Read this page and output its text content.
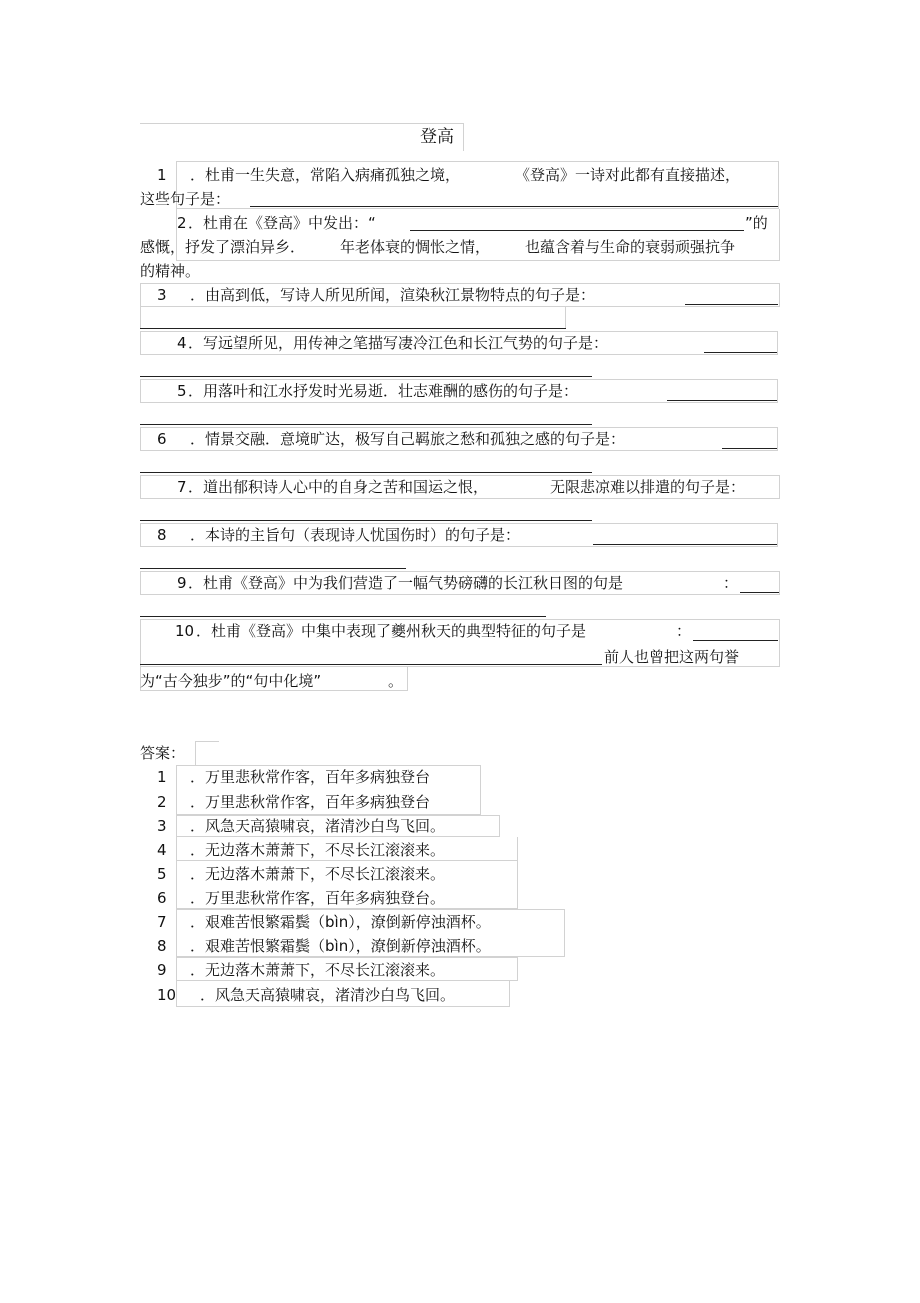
登高
1 ．杜甫一生失意，常陷入病痛孤独之境，	《登高》一诗对此都有直接描述，
这些句子是：
2 ．杜甫在《登高》中发出：“	”的
感慨，抒发了漂泊异乡． 年老体衰的惆怅之情， 也蕴含着与生命的衰弱顽强抗争
的精神。
3 ．由高到低，写诗人所见所闻，渲染秋江景物特点的句子是：
4 ．写远望所见，用传神之笔描写凄冷江色和长江气势的句子是：
5 ．用落叶和江水抒发时光易逝．壮志难酬的感伤的句子是：
6 ．情景交融．意境旷达，极写自己羁旅之愁和孤独之感的句子是：
7 ．道出郁积诗人心中的自身之苦和国运之恨，	无限悲凉难以排遣的句子是：
8 ．本诗的主旨句（表现诗人忧国伤时）的句子是：
9 ．杜甫《登高》中为我们营造了一幅气势磅礴的长江秋日图的句是	：
10 ．杜甫《登高》中集中表现了夔州秋天的典型特征的句子是	：
前人也曾把这两句誉
为“古今独步”的“句中化境”	。
答案：
1 ．万里悲秋常作客，百年多病独登台
2 ．万里悲秋常作客，百年多病独登台
3 ．风急天高猿啸哀，渚清沙白鸟飞回。
4 ．无边落木萧萧下，不尽长江滚滚来。
5 ．无边落木萧萧下，不尽长江滚滚来。
6 ．万里悲秋常作客，百年多病独登台。
7 ．艰难苦恨繁霜鬓（bìn），潦倒新停浊酒杯。
8 ．艰难苦恨繁霜鬓（bìn），潦倒新停浊酒杯。
9 ．无边落木萧萧下，不尽长江滚滚来。
10 ．风急天高猿啸哀，渚清沙白鸟飞回。
